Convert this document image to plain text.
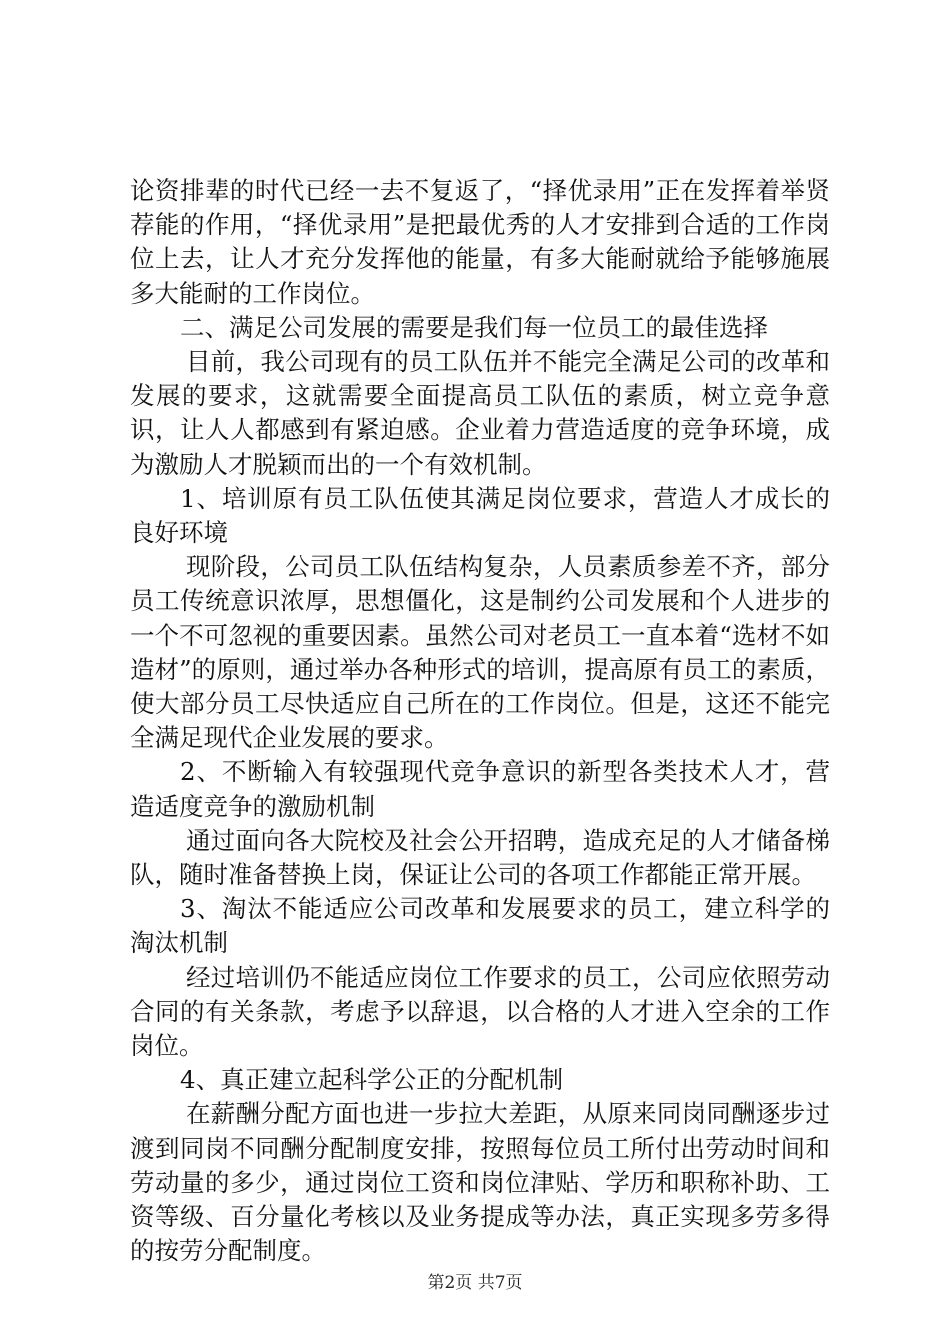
论资排辈的时代已经一去不复返了，“择优录用”正在发挥着举贤荐能的作用，“择优录用”是把最优秀的人才安排到合适的工作岗位上去，让人才充分发挥他的能量，有多大能耐就给予能够施展多大能耐的工作岗位。

二、满足公司发展的需要是我们每一位员工的最佳选择

目前，我公司现有的员工队伍并不能完全满足公司的改革和发展的要求，这就需要全面提高员工队伍的素质，树立竞争意识，让人人都感到有紧迫感。企业着力营造适度的竞争环境，成为激励人才脱颖而出的一个有效机制。

1、培训原有员工队伍使其满足岗位要求，营造人才成长的良好环境

现阶段，公司员工队伍结构复杂，人员素质参差不齐，部分员工传统意识浓厚，思想僵化，这是制约公司发展和个人进步的一个不可忽视的重要因素。虽然公司对老员工一直本着“选材不如造材”的原则，通过举办各种形式的培训，提高原有员工的素质，使大部分员工尽快适应自己所在的工作岗位。但是，这还不能完全满足现代企业发展的要求。

2、不断输入有较强现代竞争意识的新型各类技术人才，营造适度竞争的激励机制

通过面向各大院校及社会公开招聘，造成充足的人才储备梯队，随时准备替换上岗，保证让公司的各项工作都能正常开展。

3、淘汰不能适应公司改革和发展要求的员工，建立科学的淘汰机制

经过培训仍不能适应岗位工作要求的员工，公司应依照劳动合同的有关条款，考虑予以辞退，以合格的人才进入空余的工作岗位。

4、真正建立起科学公正的分配机制

在薪酬分配方面也进一步拉大差距，从原来同岗同酬逐步过渡到同岗不同酬分配制度安排，按照每位员工所付出劳动时间和劳动量的多少，通过岗位工资和岗位津贴、学历和职称补助、工资等级、百分量化考核以及业务提成等办法，真正实现多劳多得的按劳分配制度。

第2页 共7页
